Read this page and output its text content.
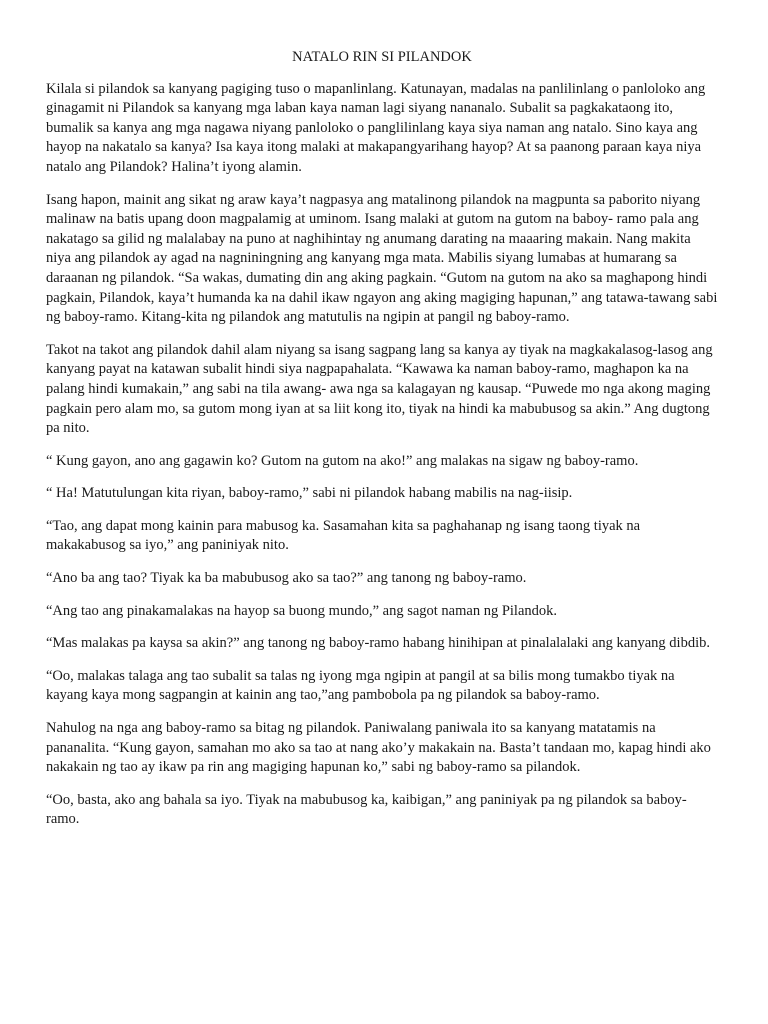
NATALO RIN SI PILANDOK

Kilala si pilandok sa kanyang pagiging tuso o mapanlinlang. Katunayan, madalas na panlilinlang o panloloko ang ginagamit ni Pilandok sa kanyang mga laban kaya naman lagi siyang nananalo. Subalit sa pagkakataong ito, bumalik sa kanya ang mga nagawa niyang panloloko o panglilinlang kaya siya naman ang natalo. Sino kaya ang hayop na nakatalo sa kanya? Isa kaya itong malaki at makapangyarihang hayop? At sa paanong paraan kaya niya natalo ang Pilandok? Halina’t iyong alamin.

Isang hapon, mainit ang sikat ng araw kaya’t nagpasya ang matalinong pilandok na magpunta sa paborito niyang malinaw na batis upang doon magpalamig at uminom. Isang malaki at gutom na gutom na baboy- ramo pala ang nakatago sa gilid ng malalabay na puno at naghihintay ng anumang darating na maaaring makain. Nang makita niya ang pilandok ay agad na nagniningning ang kanyang mga mata. Mabilis siyang lumabas at humarang sa daraanan ng pilandok. “Sa wakas, dumating din ang aking pagkain. “Gutom na gutom na ako sa maghapong hindi pagkain, Pilandok, kaya’t humanda ka na dahil ikaw ngayon ang aking magiging hapunan,” ang tatawa-tawang sabi ng baboy-ramo. Kitang-kita ng pilandok ang matutulis na ngipin at pangil ng baboy-ramo.

Takot na takot ang pilandok dahil alam niyang sa isang sagpang lang sa kanya ay tiyak na magkakalasog-lasog ang kanyang payat na katawan subalit hindi siya nagpapahalata. “Kawawa ka naman baboy-ramo, maghapon ka na palang hindi kumakain,” ang sabi na tila awang- awa nga sa kalagayan ng kausap. “Puwede mo nga akong maging pagkain pero alam mo, sa gutom mong iyan at sa liit kong ito, tiyak na hindi ka mabubusog sa akin.” Ang dugtong pa nito.

“ Kung gayon, ano ang gagawin ko? Gutom na gutom na ako!” ang malakas na sigaw ng baboy-ramo.

“ Ha! Matutulungan kita riyan, baboy-ramo,” sabi ni pilandok habang mabilis na nag-iisip.

“Tao, ang dapat mong kainin para mabusog ka. Sasamahan kita sa paghahanap ng isang taong tiyak na makakabusog sa iyo,” ang paniniyak nito.

“Ano ba ang tao? Tiyak ka ba mabubusog ako sa tao?” ang tanong ng baboy-ramo.

“Ang tao ang pinakamalakas na hayop sa buong mundo,” ang sagot naman ng Pilandok.

“Mas malakas pa kaysa sa akin?” ang tanong ng baboy-ramo habang hinihipan at pinalalalaki ang kanyang dibdib.

“Oo, malakas talaga ang tao subalit sa talas ng iyong mga ngipin at pangil at sa bilis mong tumakbo tiyak na kayang kaya mong sagpangin at kainin ang tao,”ang pambobola pa ng pilandok sa baboy-ramo.

Nahulog na nga ang baboy-ramo sa bitag ng pilandok. Paniwalang paniwala ito sa kanyang matatamis na pananalita. “Kung gayon, samahan mo ako sa tao at nang ako’y makakain na. Basta’t tandaan mo, kapag hindi ako nakakain ng tao ay ikaw pa rin ang magiging hapunan ko,” sabi ng baboy-ramo sa pilandok.

“Oo, basta, ako ang bahala sa iyo. Tiyak na mabubusog ka, kaibigan,” ang paniniyak pa ng pilandok sa baboy-ramo.
